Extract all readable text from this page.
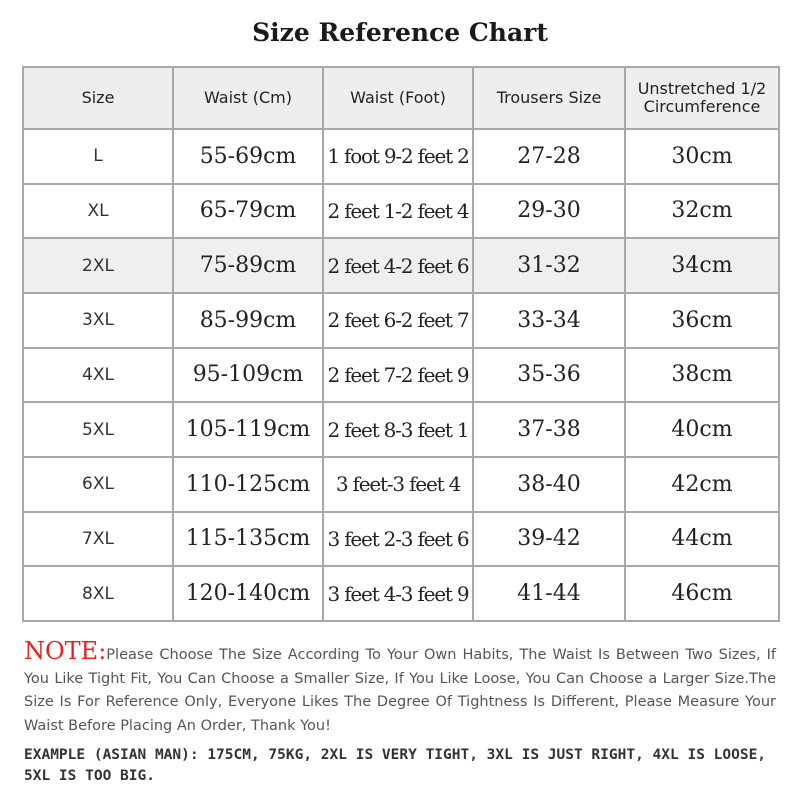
Size Reference Chart
Size	Waist (Cm)	Waist (Foot)	Trousers Size	Unstretched 1/2
Circumference

L	55-69cm	1 foot 9-2 feet 2	27-28	30cm
XL	65-79cm	2 feet 1-2 feet 4	29-30	32cm
2XL	75-89cm	2 feet 4-2 feet 6	31-32	34cm
3XL	85-99cm	2 feet 6-2 feet 7	33-34	36cm
4XL	95-109cm	2 feet 7-2 feet 9	35-36	38cm
5XL	105-119cm	2 feet 8-3 feet 1	37-38	40cm
6XL	110-125cm	3 feet-3 feet 4	38-40	42cm
7XL	115-135cm	3 feet 2-3 feet 6	39-42	44cm
8XL	120-140cm	3 feet 4-3 feet 9	41-44	46cm

NOTE:Please Choose The Size According To Your Own Habits, The Waist Is Between Two Sizes, If You Like Tight Fit, You Can Choose a Smaller Size, If You Like Loose, You Can Choose a Larger Size.The Size Is For Reference Only, Everyone Likes The Degree Of Tightness Is Different, Please Measure Your Waist Before Placing An Order, Thank You!

EXAMPLE (ASIAN MAN): 175CM, 75KG, 2XL IS VERY TIGHT, 3XL IS JUST RIGHT, 4XL IS LOOSE, 5XL IS TOO BIG.
